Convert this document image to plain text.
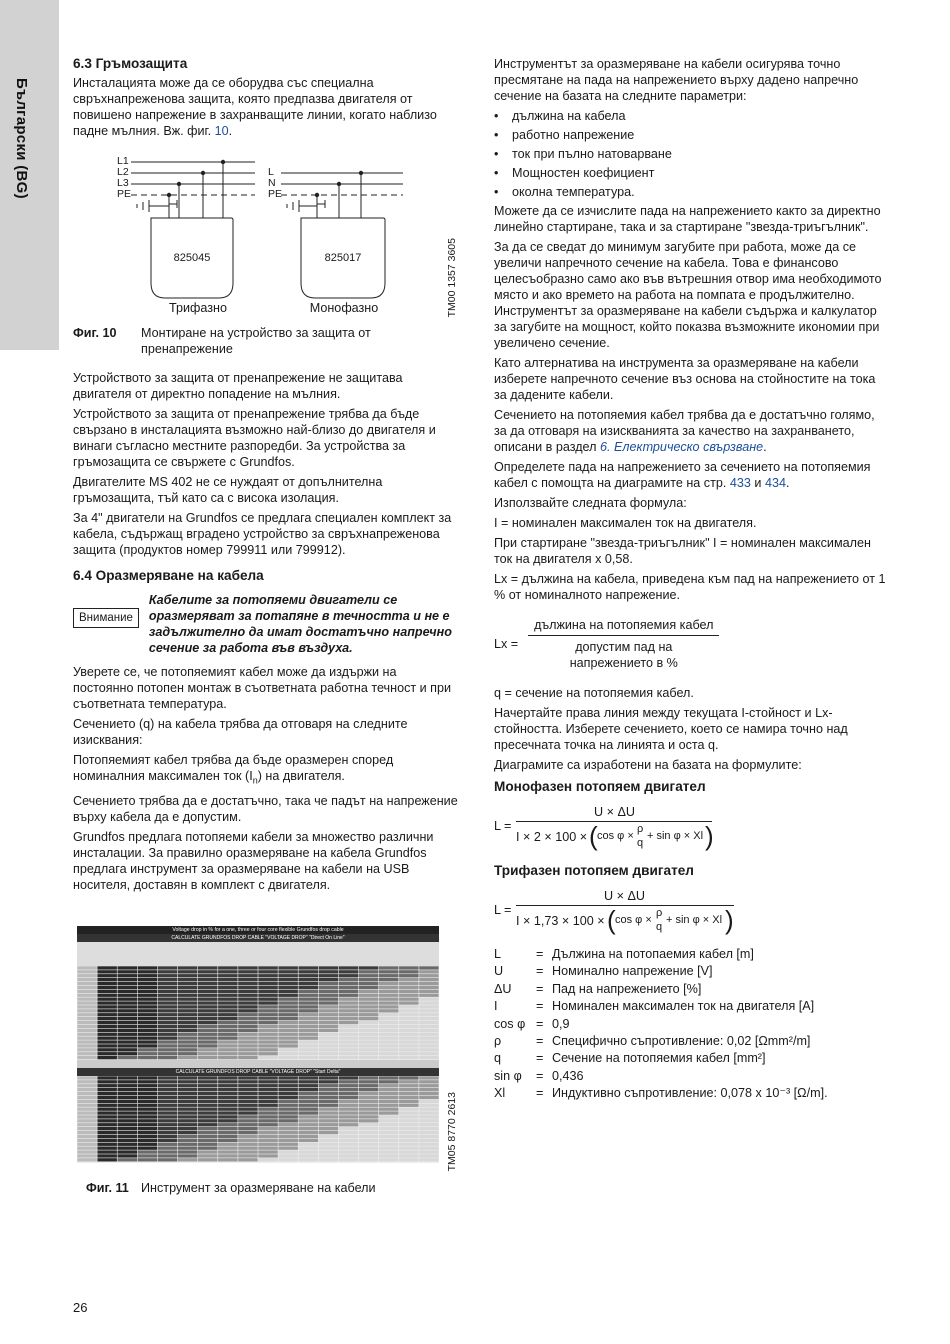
Български (BG)
6.3 Гръмозащита

Инсталацията може да се оборудва със специална свръхнапреженова защита, която предпазва двигателя от повишено напрежение в захранващите линии, когато наблизо падне мълния. Вж. фиг. 10.

L1
L2
L3
PE
L
N
PE
825045	825017
Трифазно	Монофазно	TM00 1357 3605
Фиг. 10	Монтиране на устройство за защита от пренапрежение

Устройството за защита от пренапрежение не защитава двигателя от директно попадение на мълния.

Устройството за защита от пренапрежение трябва да бъде свързано в инсталацията възможно най-близо до двигателя и винаги съгласно местните разпоредби. За устройства за гръмозащита се свържете с Grundfos.

Двигателите MS 402 не се нуждаят от допълнителна гръмозащита, тъй като са с висока изолация.

За 4" двигатели на Grundfos се предлага специален комплект за кабела, съдържащ вградено устройство за свръхнапреженова защита (продуктов номер 799911 или 799912).

6.4 Оразмеряване на кабела
Внимание
Кабелите за потопяеми двигатели се оразмеряват за потапяне в течността и не е задължително да имат достатъчно напречно сечение за работа във въздуха.

Уверете се, че потопяемият кабел може да издържи на постоянно потопен монтаж в съответната работна течност и при съответната температура.

Сечението (q) на кабела трябва да отговаря на следните изисквания:

Потопяемият кабел трябва да бъде оразмерен според номиналния максимален ток $(I_n)$ на двигателя.

Сечението трябва да е достатъчно, така че падът на напрежение върху кабела да е допустим.

Grundfos предлага потопяеми кабели за множество различни инсталации. За правилно оразмеряване на кабела Grundfos предлага инструмент за оразмеряване на кабели на USB носителя, доставян в комплект с двигателя.

Voltage drop in % for a one, three or four core flexible Grundfos drop cable
CALCULATE GRUNDFOS DROP CABLE "VOLTAGE DROP" "Direct On Line"
CALCULATE GRUNDFOS DROP CABLE "VOLTAGE DROP" "Start Delta"
TM05 8770 2613
Фиг. 11 Инструмент за оразмеряване на кабели

Инструментът за оразмеряване на кабели осигурява точно пресмятане на пада на напрежението върху дадено напречно сечение на базата на следните параметри:

• дължина на кабела
• работно напрежение
• ток при пълно натоварване
• Мощностен коефициент
• околна температура.

Можете да се изчислите пада на напрежението както за директно линейно стартиране, така и за стартиране "звезда-триъгълник".

За да се сведат до минимум загубите при работа, може да се увеличи напречното сечение на кабела. Това е финансово целесъобразно само ако във вътрешния отвор има необходимото място и ако времето на работа на помпата е продължително. Инструментът за оразмеряване на кабели съдържа и калкулатор за загубите на мощност, който показва възможните икономии при увеличено сечение.

Като алтернатива на инструмента за оразмеряване на кабели изберете напречното сечение въз основа на стойностите на тока за дадените кабели.

Сечението на потопяемия кабел трябва да е достатъчно голямо, за да отговаря на изискванията за качество на захранването, описани в раздел 6. Електрическо свързване.

Определете пада на напрежението за сечението на потопяемия кабел с помощта на диаграмите на стр. 433 и 434.

Използвайте следната формула:

I = номинален максимален ток на двигателя.

При стартиране "звезда-триъгълник" I = номинален максимален ток на двигателя x 0,58.

Lx = дължина на кабела, приведена към пад на напрежението от 1 % от номиналното напрежение.

Lx = дължина на потопяемия кабел
допустим пад на
напрежението в %

q = сечение на потопяемия кабел.

Начертайте права линия между текущата I-стойност и Lx-стойността. Изберете сечението, което се намира точно над пресечната точка на линията и оста q.

Диаграмите са изработени на базата на формулите:

Монофазен потопяем двигател
L =
U × ΔU
I × 2 × 100 × ( cos φ ×
ρ
q
+ sin φ × Xl )
Трифазен потопяем двигател
L =
U × ΔU
I × 1,73 × 100 × ( cos φ ×
ρ
q
+ sin φ × Xl )
L	=	Дължина на потопаемия кабел [m]
U	=	Номинално напрежение [V]
ΔU	=	Пад на напрежението [%]
I	=	Номинален максимален ток на двигателя [A]
cos φ	=	0,9
ρ	=	Специфично съпротивление: 0,02 [Ωmm²/m]
q	=	Сечение на потопяемия кабел [mm²]
sin φ	=	0,436
Xl	=	Индуктивно съпротивление: 0,078 x 10⁻³ [Ω/m].
26
